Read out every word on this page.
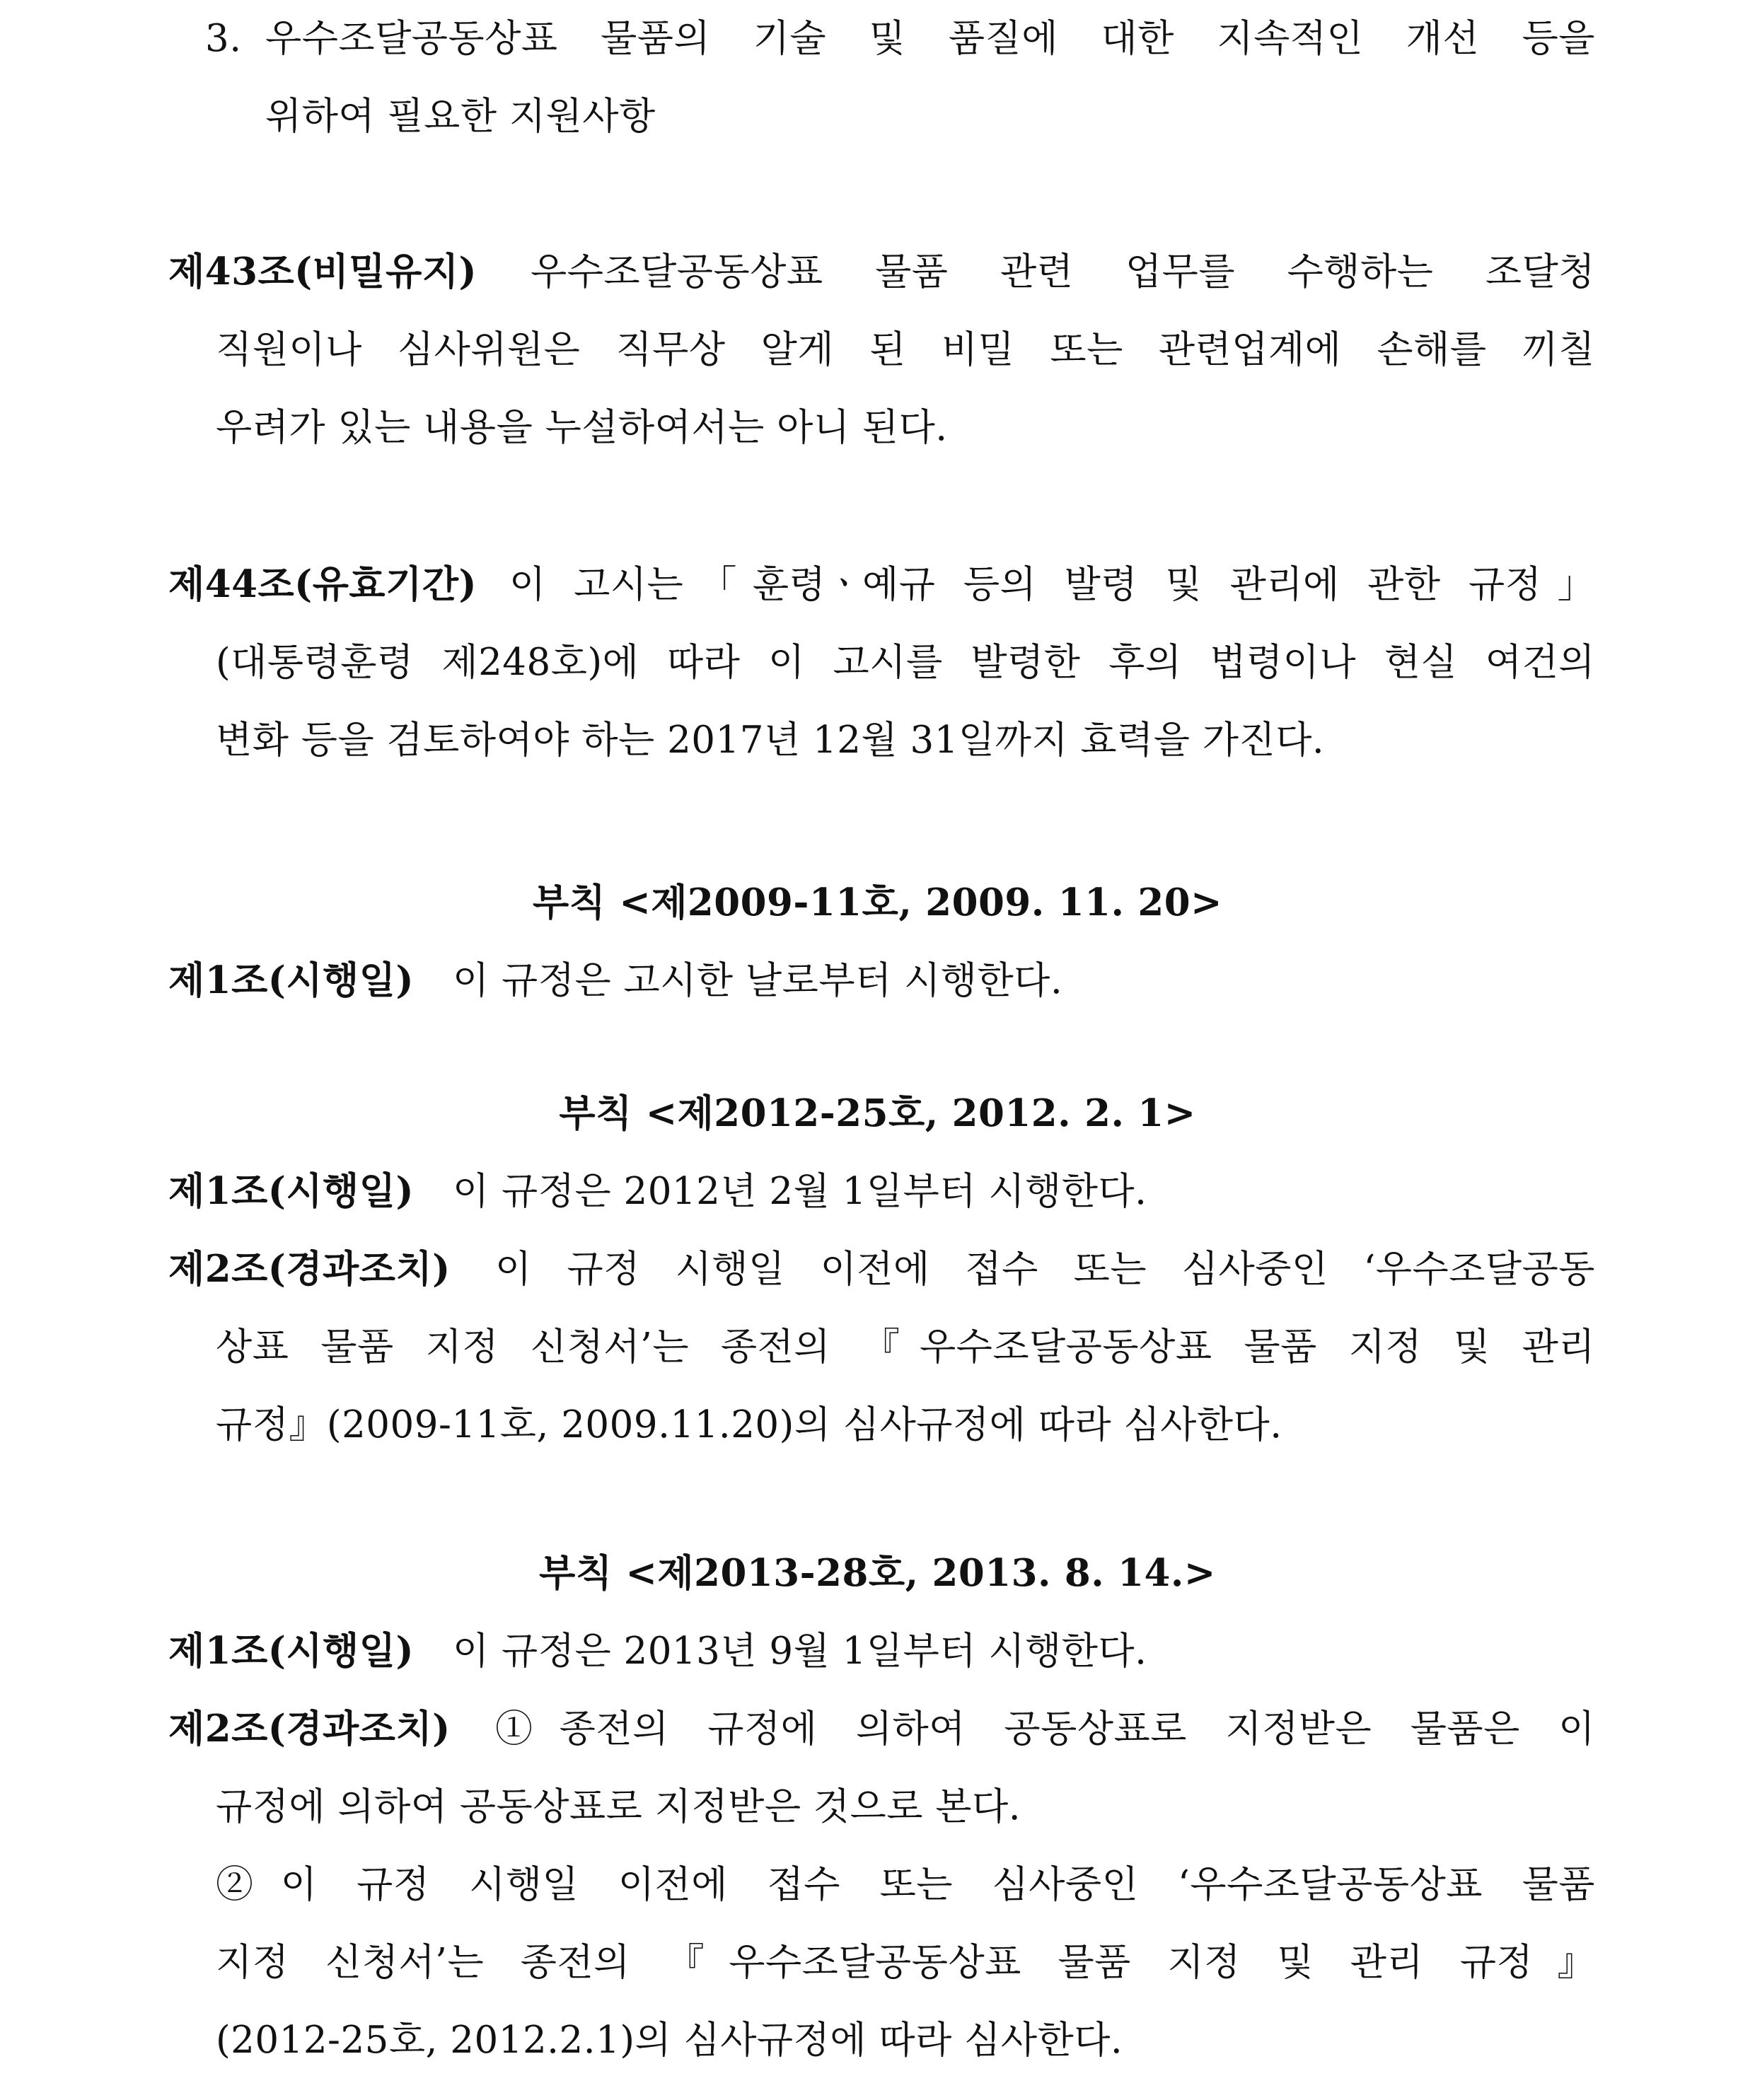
3. 우수조달공동상표 물품의 기술 및 품질에 대한 지속적인 개선 등을
위하여 필요한 지원사항
제43조(비밀유지) 우수조달공동상표 물품 관련 업무를 수행하는 조달청
직원이나 심사위원은 직무상 알게 된 비밀 또는 관련업계에 손해를 끼칠
우려가 있는 내용을 누설하여서는 아니 된다.
제44조(유효기간) 이 고시는「훈령ㆍ예규 등의 발령 및 관리에 관한 규정」
(대통령훈령 제248호)에 따라 이 고시를 발령한 후의 법령이나 현실 여건의
변화 등을 검토하여야 하는 2017년 12월 31일까지 효력을 가진다.
부칙 <제2009-11호, 2009. 11. 20>
제1조(시행일) 이 규정은 고시한 날로부터 시행한다.
부칙 <제2012-25호, 2012. 2. 1>
제1조(시행일) 이 규정은 2012년 2월 1일부터 시행한다.
제2조(경과조치) 이 규정 시행일 이전에 접수 또는 심사중인 ‘우수조달공동
상표 물품 지정 신청서’는 종전의 『우수조달공동상표 물품 지정 및 관리
규정』(2009-11호, 2009.11.20)의 심사규정에 따라 심사한다.
부칙 <제2013-28호, 2013. 8. 14.>
제1조(시행일) 이 규정은 2013년 9월 1일부터 시행한다.
제2조(경과조치) ①종전의 규정에 의하여 공동상표로 지정받은 물품은 이
규정에 의하여 공동상표로 지정받은 것으로 본다.
②이 규정 시행일 이전에 접수 또는 심사중인 ‘우수조달공동상표 물품
지정 신청서’는 종전의 『우수조달공동상표 물품 지정 및 관리 규정』
(2012-25호, 2012.2.1)의 심사규정에 따라 심사한다.
